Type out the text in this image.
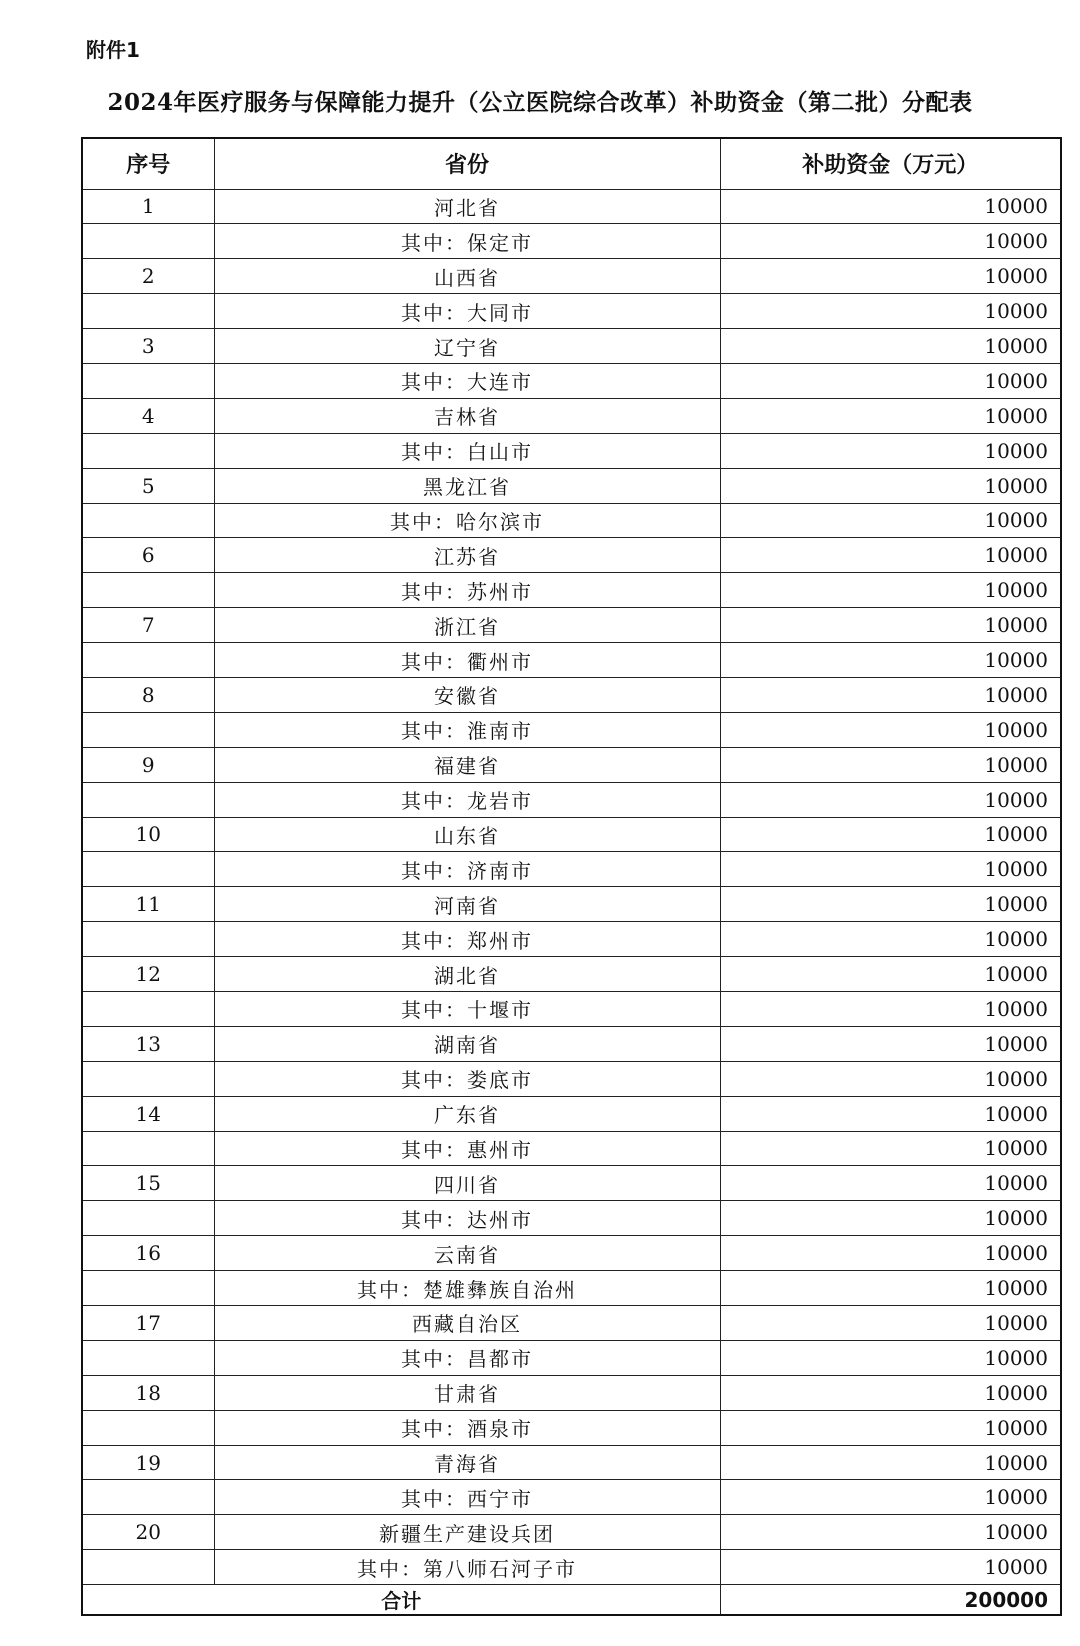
附件1
2024年医疗服务与保障能力提升（公立医院综合改革）补助资金（第二批）分配表
序号	省份	补助资金（万元）
1	河北省	10000
	其中：保定市	10000
2	山西省	10000
	其中：大同市	10000
3	辽宁省	10000
	其中：大连市	10000
4	吉林省	10000
	其中：白山市	10000
5	黑龙江省	10000
	其中：哈尔滨市	10000
6	江苏省	10000
	其中：苏州市	10000
7	浙江省	10000
	其中：衢州市	10000
8	安徽省	10000
	其中：淮南市	10000
9	福建省	10000
	其中：龙岩市	10000
10	山东省	10000
	其中：济南市	10000
11	河南省	10000
	其中：郑州市	10000
12	湖北省	10000
	其中：十堰市	10000
13	湖南省	10000
	其中：娄底市	10000
14	广东省	10000
	其中：惠州市	10000
15	四川省	10000
	其中：达州市	10000
16	云南省	10000
	其中：楚雄彝族自治州	10000
17	西藏自治区	10000
	其中：昌都市	10000
18	甘肃省	10000
	其中：酒泉市	10000
19	青海省	10000
	其中：西宁市	10000
20	新疆生产建设兵团	10000
	其中：第八师石河子市	10000
合计		200000
